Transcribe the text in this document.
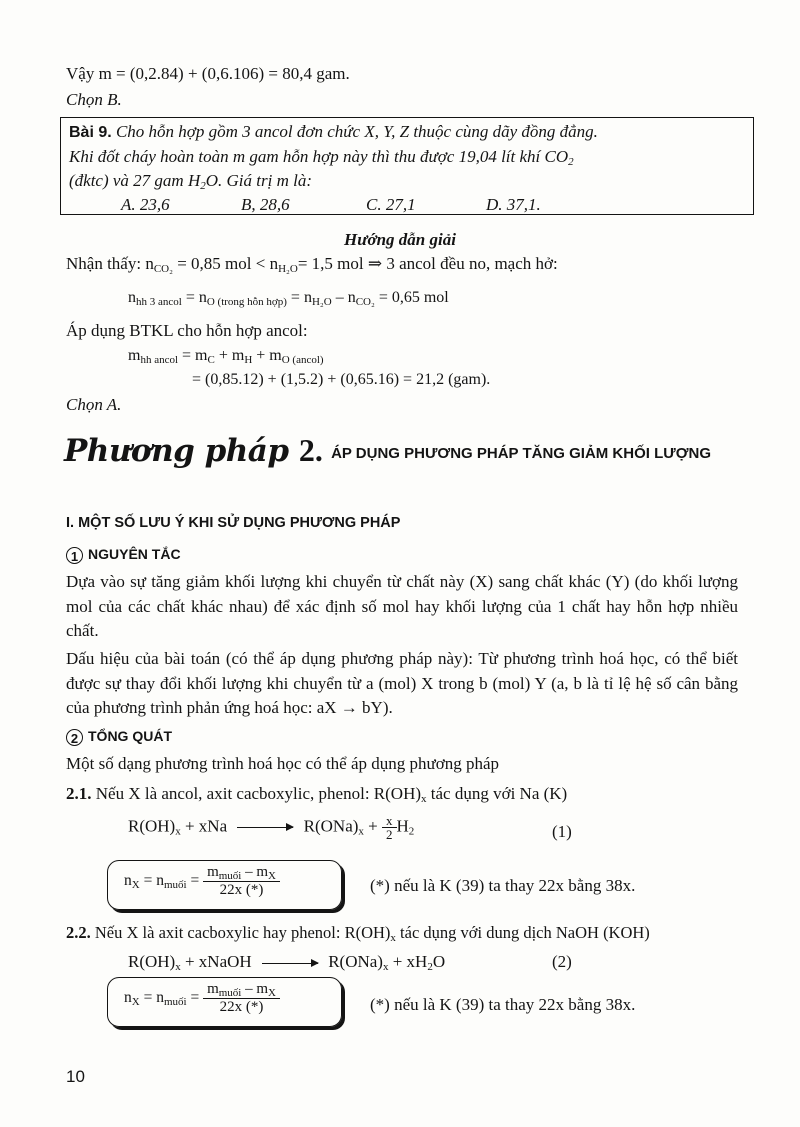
Vậy m = (0,2.84) + (0,6.106) = 80,4 gam.
Chọn B.

Bài 9. Cho hỗn hợp gồm 3 ancol đơn chức X, Y, Z thuộc cùng dãy đồng đẳng.

Khi đốt cháy hoàn toàn m gam hỗn hợp này thì thu được 19,04 lít khí $CO_2$

(đktc) và 27 gam $H_2O$. Giá trị m là:

A. 23,6	B, 28,6	C. 27,1	D. 37,1.

Hướng dẫn giải
Nhận thấy: $n_{CO_2} = 0,85$ mol < $n_{H_2O}= 1,5$ mol ⇒ 3 ancol đều no, mạch hở:
$n_{hh 3 ancol} = n_{O (trong hỗn hợp)} = n_{H_2O} - n_{CO_2} = 0,65$ mol
Áp dụng BTKL cho hỗn hợp ancol:
$m_{hh ancol} = m_C + m_H + m_{O (ancol)}$
= (0,85.12) + (1,5.2) + (0,65.16) = 21,2 (gam).
Chọn A.
Phương pháp 2. ÁP DỤNG PHƯƠNG PHÁP TĂNG GIẢM KHỐI LƯỢNG
I. MỘT SỐ LƯU Ý KHI SỬ DỤNG PHƯƠNG PHÁP
1 NGUYÊN TẮC

Dựa vào sự tăng giảm khối lượng khi chuyển từ chất này (X) sang chất khác (Y) (do khối lượng mol của các chất khác nhau) để xác định số mol hay khối lượng của 1 chất hay hỗn hợp nhiều chất.

Dấu hiệu của bài toán (có thể áp dụng phương pháp này): Từ phương trình hoá học, có thể biết được sự thay đổi khối lượng khi chuyển từ a (mol) X trong b (mol) Y (a, b là tỉ lệ hệ số cân bằng của phương trình phản ứng hoá học: aX → bY).

2 TỔNG QUÁT
Một số dạng phương trình hoá học có thể áp dụng phương pháp
2.1. Nếu X là ancol, axit cacboxylic, phenol: $R(OH)_x$ tác dụng với Na (K)
$R(OH)_x$ + xNa → $R(ONa)_x + \frac{x}{2} H_2$	(1)
$n_X = n_{muối} = \frac{m_{muối} - m_X}{22x (*)}$	(*) nếu là K (39) ta thay 22x bằng 38x.
2.2. Nếu X là axit cacboxylic hay phenol: $R(OH)_x$ tác dụng với dung dịch NaOH (KOH)
$R(OH)_x$ + xNaOH → $R(ONa)_x + xH_2O$	(2)
$n_X = n_{muối} = \frac{m_{muối} - m_X}{22x (*)}$	(*) nếu là K (39) ta thay 22x bằng 38x.
10
